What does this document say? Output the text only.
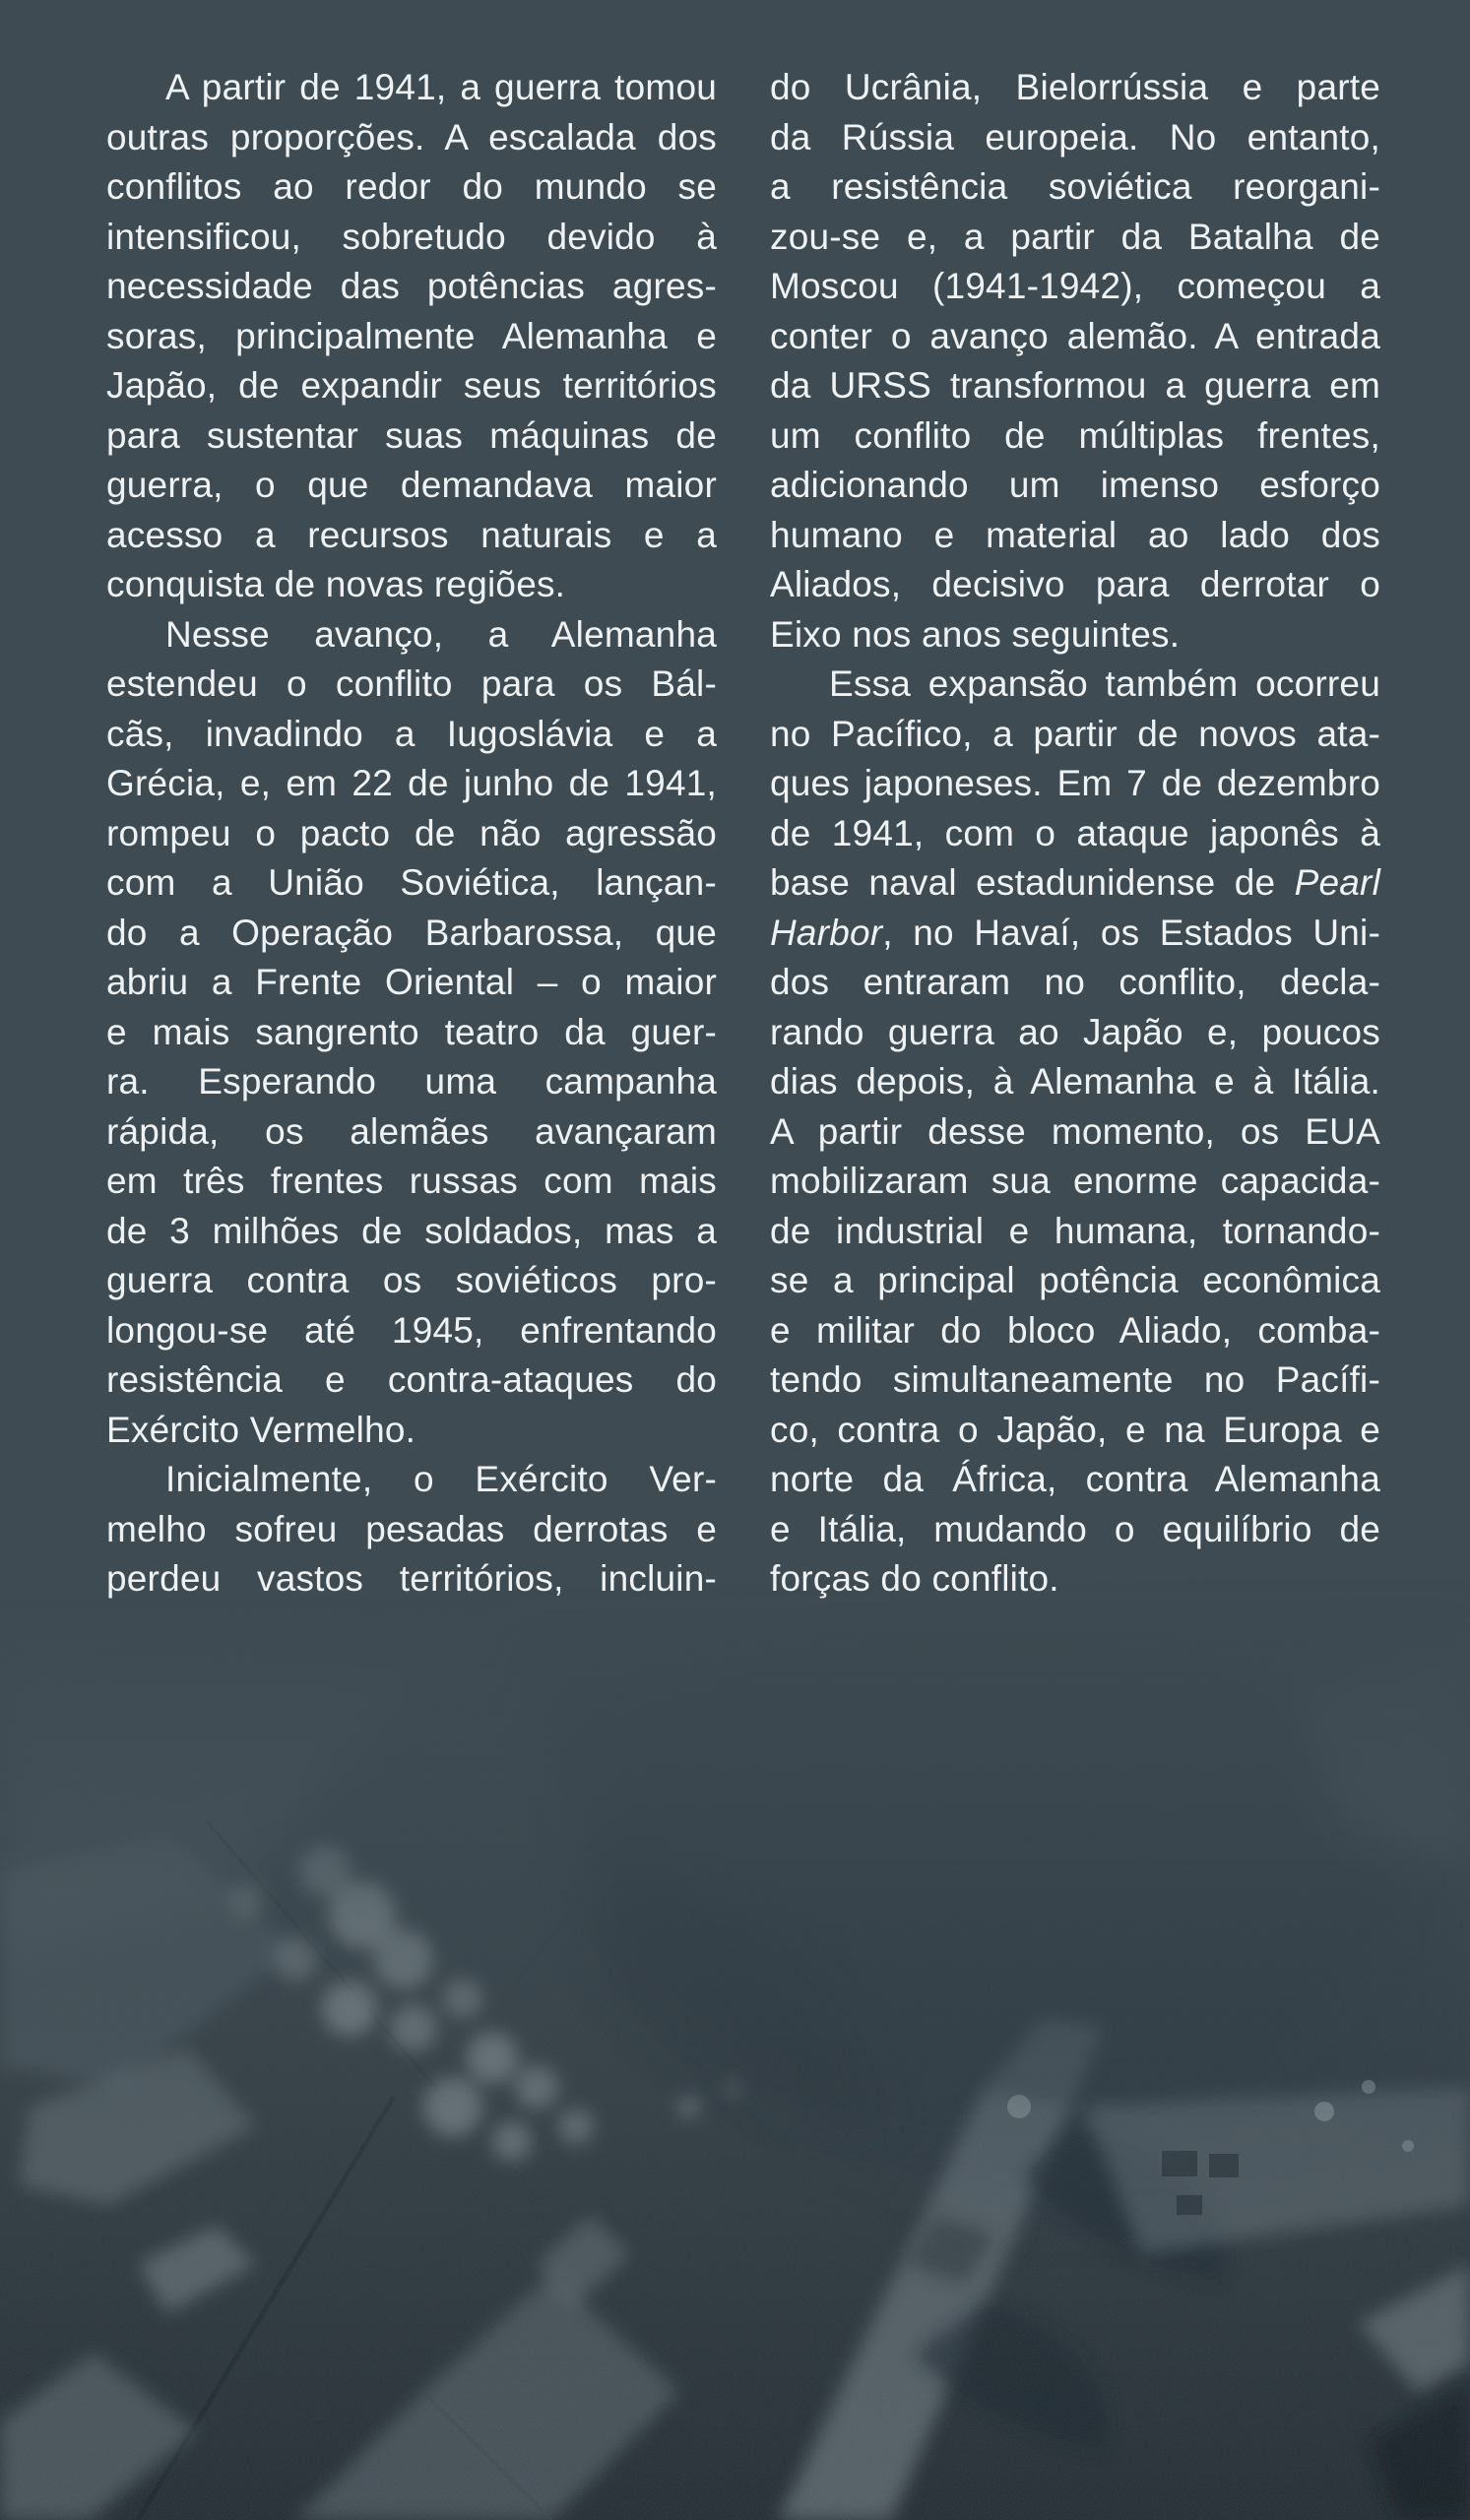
A partir de 1941, a guerra tomou
outras proporções. A escalada dos
conflitos ao redor do mundo se
intensificou, sobretudo devido à
necessidade das potências agres-
soras, principalmente Alemanha e
Japão, de expandir seus territórios
para sustentar suas máquinas de
guerra, o que demandava maior
acesso a recursos naturais e a
conquista de novas regiões.
Nesse avanço, a Alemanha
estendeu o conflito para os Bál-
cãs, invadindo a Iugoslávia e a
Grécia, e, em 22 de junho de 1941,
rompeu o pacto de não agressão
com a União Soviética, lançan-
do a Operação Barbarossa, que
abriu a Frente Oriental – o maior
e mais sangrento teatro da guer-
ra. Esperando uma campanha
rápida, os alemães avançaram
em três frentes russas com mais
de 3 milhões de soldados, mas a
guerra contra os soviéticos pro-
longou-se até 1945, enfrentando
resistência e contra-ataques do
Exército Vermelho.
Inicialmente, o Exército Ver-
melho sofreu pesadas derrotas e
perdeu vastos territórios, incluin-
do Ucrânia, Bielorrússia e parte
da Rússia europeia. No entanto,
a resistência soviética reorgani-
zou-se e, a partir da Batalha de
Moscou (1941-1942), começou a
conter o avanço alemão. A entrada
da URSS transformou a guerra em
um conflito de múltiplas frentes,
adicionando um imenso esforço
humano e material ao lado dos
Aliados, decisivo para derrotar o
Eixo nos anos seguintes.
Essa expansão também ocorreu
no Pacífico, a partir de novos ata-
ques japoneses. Em 7 de dezembro
de 1941, com o ataque japonês à
base naval estadunidense de Pearl
Harbor, no Havaí, os Estados Uni-
dos entraram no conflito, decla-
rando guerra ao Japão e, poucos
dias depois, à Alemanha e à Itália.
A partir desse momento, os EUA
mobilizaram sua enorme capacida-
de industrial e humana, tornando-
se a principal potência econômica
e militar do bloco Aliado, comba-
tendo simultaneamente no Pacífi-
co, contra o Japão, e na Europa e
norte da África, contra Alemanha
e Itália, mudando o equilíbrio de
forças do conflito.
